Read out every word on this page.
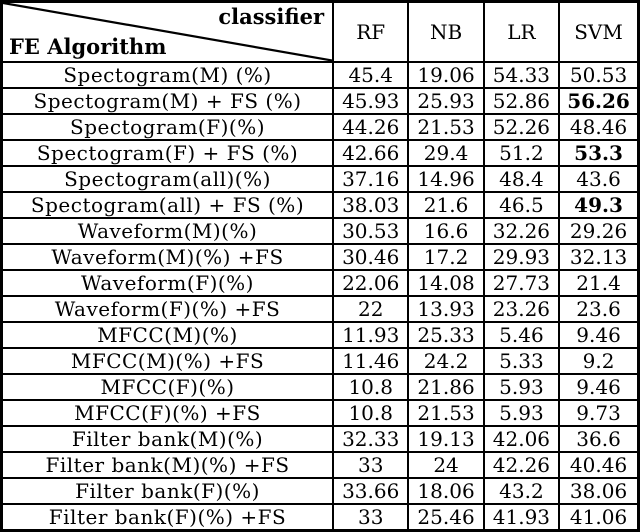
classifier
FE Algorithm	RF	NB	LR	SVM
Spectogram(M) (%)	45.4	19.06	54.33	50.53
Spectogram(M) + FS (%)	45.93	25.93	52.86	56.26
Spectogram(F)(%)	44.26	21.53	52.26	48.46
Spectogram(F) + FS (%)	42.66	29.4	51.2	53.3
Spectogram(all)(%)	37.16	14.96	48.4	43.6
Spectogram(all) + FS (%)	38.03	21.6	46.5	49.3
Waveform(M)(%)	30.53	16.6	32.26	29.26
Waveform(M)(%) +FS	30.46	17.2	29.93	32.13
Waveform(F)(%)	22.06	14.08	27.73	21.4
Waveform(F)(%) +FS	22	13.93	23.26	23.6
MFCC(M)(%)	11.93	25.33	5.46	9.46
MFCC(M)(%) +FS	11.46	24.2	5.33	9.2
MFCC(F)(%)	10.8	21.86	5.93	9.46
MFCC(F)(%) +FS	10.8	21.53	5.93	9.73
Filter bank(M)(%)	32.33	19.13	42.06	36.6
Filter bank(M)(%) +FS	33	24	42.26	40.46
Filter bank(F)(%)	33.66	18.06	43.2	38.06
Filter bank(F)(%) +FS	33	25.46	41.93	41.06
